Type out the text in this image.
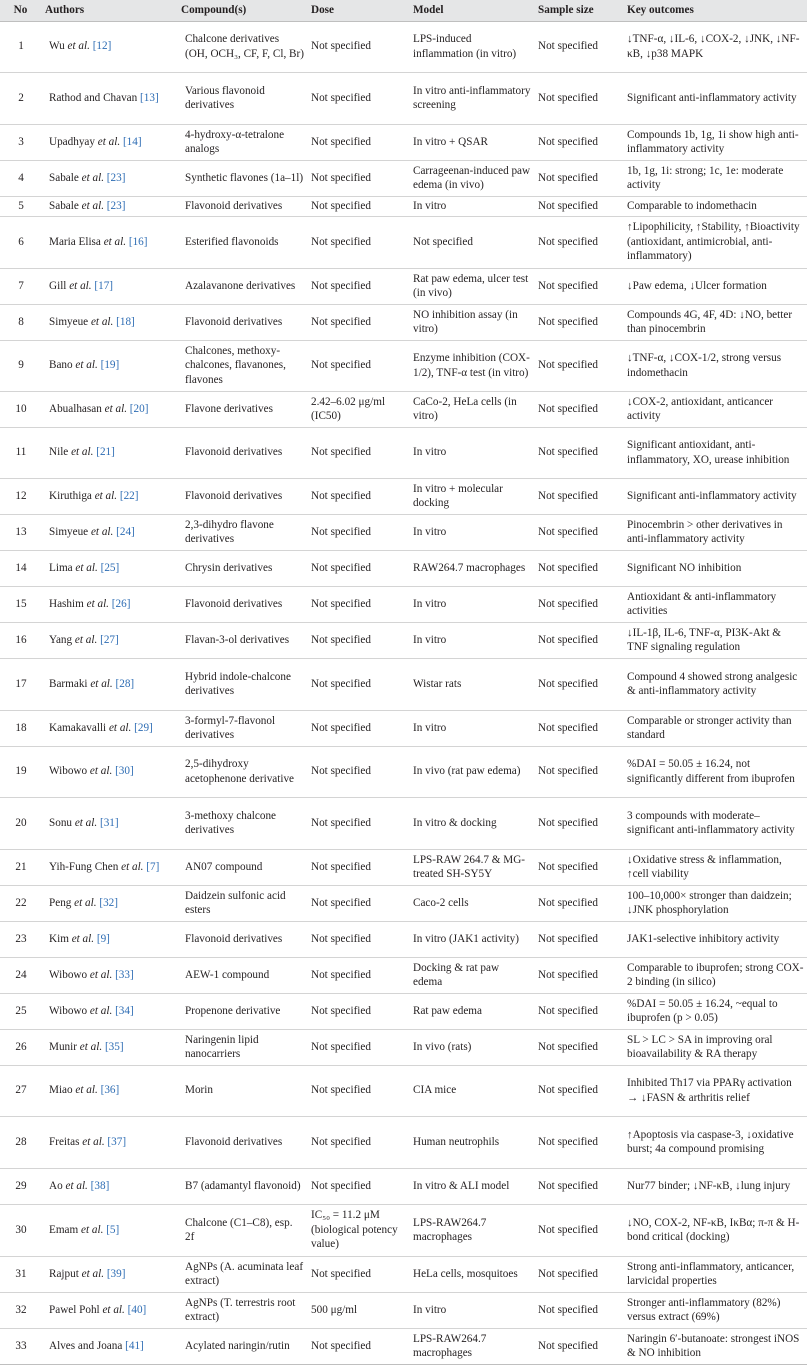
No	Authors	Compound(s)	Dose	Model	Sample size	Key outcomes
1	Wu et al. [12]	Chalcone derivatives (OH, OCH₃, CF, F, Cl, Br)	Not specified	LPS-induced inflammation (in vitro)	Not specified	↓TNF-α, ↓IL-6, ↓COX-2, ↓JNK, ↓NF-κB, ↓p38 MAPK
2	Rathod and Chavan [13]	Various flavonoid derivatives	Not specified	In vitro anti-inflammatory screening	Not specified	Significant anti-inflammatory activity
3	Upadhyay et al. [14]	4-hydroxy-α-tetralone analogs	Not specified	In vitro + QSAR	Not specified	Compounds 1b, 1g, 1i show high anti-inflammatory activity
4	Sabale et al. [23]	Synthetic flavones (1a–1l)	Not specified	Carrageenan-induced paw edema (in vivo)	Not specified	1b, 1g, 1i: strong; 1c, 1e: moderate activity
5	Sabale et al. [23]	Flavonoid derivatives	Not specified	In vitro	Not specified	Comparable to indomethacin
6	Maria Elisa et al. [16]	Esterified flavonoids	Not specified	Not specified	Not specified	↑Lipophilicity, ↑Stability, ↑Bioactivity (antioxidant, antimicrobial, anti-inflammatory)
7	Gill et al. [17]	Azalavanone derivatives	Not specified	Rat paw edema, ulcer test (in vivo)	Not specified	↓Paw edema, ↓Ulcer formation
8	Simyeue et al. [18]	Flavonoid derivatives	Not specified	NO inhibition assay (in vitro)	Not specified	Compounds 4G, 4F, 4D: ↓NO, better than pinocembrin
9	Bano et al. [19]	Chalcones, methoxy-chalcones, flavanones, flavones	Not specified	Enzyme inhibition (COX-1/2), TNF-α test (in vitro)	Not specified	↓TNF-α, ↓COX-1/2, strong versus indomethacin
10	Abualhasan et al. [20]	Flavone derivatives	2.42–6.02 μg/ml (IC50)	CaCo-2, HeLa cells (in vitro)	Not specified	↓COX-2, antioxidant, anticancer activity
11	Nile et al. [21]	Flavonoid derivatives	Not specified	In vitro	Not specified	Significant antioxidant, anti-inflammatory, XO, urease inhibition
12	Kiruthiga et al. [22]	Flavonoid derivatives	Not specified	In vitro + molecular docking	Not specified	Significant anti-inflammatory activity
13	Simyeue et al. [24]	2,3-dihydro flavone derivatives	Not specified	In vitro	Not specified	Pinocembrin > other derivatives in anti-inflammatory activity
14	Lima et al. [25]	Chrysin derivatives	Not specified	RAW264.7 macrophages	Not specified	Significant NO inhibition
15	Hashim et al. [26]	Flavonoid derivatives	Not specified	In vitro	Not specified	Antioxidant & anti-inflammatory activities
16	Yang et al. [27]	Flavan-3-ol derivatives	Not specified	In vitro	Not specified	↓IL-1β, IL-6, TNF-α, PI3K-Akt & TNF signaling regulation
17	Barmaki et al. [28]	Hybrid indole-chalcone derivatives	Not specified	Wistar rats	Not specified	Compound 4 showed strong analgesic & anti-inflammatory activity
18	Kamakavalli et al. [29]	3-formyl-7-flavonol derivatives	Not specified	In vitro	Not specified	Comparable or stronger activity than standard
19	Wibowo et al. [30]	2,5-dihydroxy acetophenone derivative	Not specified	In vivo (rat paw edema)	Not specified	%DAI = 50.05 ± 16.24, not significantly different from ibuprofen
20	Sonu et al. [31]	3-methoxy chalcone derivatives	Not specified	In vitro & docking	Not specified	3 compounds with moderate–significant anti-inflammatory activity
21	Yih-Fung Chen et al. [7]	AN07 compound	Not specified	LPS-RAW 264.7 & MG-treated SH-SY5Y	Not specified	↓Oxidative stress & inflammation, ↑cell viability
22	Peng et al. [32]	Daidzein sulfonic acid esters	Not specified	Caco-2 cells	Not specified	100–10,000× stronger than daidzein; ↓JNK phosphorylation
23	Kim et al. [9]	Flavonoid derivatives	Not specified	In vitro (JAK1 activity)	Not specified	JAK1-selective inhibitory activity
24	Wibowo et al. [33]	AEW-1 compound	Not specified	Docking & rat paw edema	Not specified	Comparable to ibuprofen; strong COX-2 binding (in silico)
25	Wibowo et al. [34]	Propenone derivative	Not specified	Rat paw edema	Not specified	%DAI = 50.05 ± 16.24, ~equal to ibuprofen (p > 0.05)
26	Munir et al. [35]	Naringenin lipid nanocarriers	Not specified	In vivo (rats)	Not specified	SL > LC > SA in improving oral bioavailability & RA therapy
27	Miao et al. [36]	Morin	Not specified	CIA mice	Not specified	Inhibited Th17 via PPARγ activation → ↓FASN & arthritis relief
28	Freitas et al. [37]	Flavonoid derivatives	Not specified	Human neutrophils	Not specified	↑Apoptosis via caspase-3, ↓oxidative burst; 4a compound promising
29	Ao et al. [38]	B7 (adamantyl flavonoid)	Not specified	In vitro & ALI model	Not specified	Nur77 binder; ↓NF-κB, ↓lung injury
30	Emam et al. [5]	Chalcone (C1–C8), esp. 2f	IC₅₀ = 11.2 μM (biological potency value)	LPS-RAW264.7 macrophages	Not specified	↓NO, COX-2, NF-κB, IκBα; π-π & H-bond critical (docking)
31	Rajput et al. [39]	AgNPs (A. acuminata leaf extract)	Not specified	HeLa cells, mosquitoes	Not specified	Strong anti-inflammatory, anticancer, larvicidal properties
32	Pawel Pohl et al. [40]	AgNPs (T. terrestris root extract)	500 μg/ml	In vitro	Not specified	Stronger anti-inflammatory (82%) versus extract (69%)
33	Alves and Joana [41]	Acylated naringin/rutin	Not specified	LPS-RAW264.7 macrophages	Not specified	Naringin 6′-butanoate: strongest iNOS & NO inhibition
